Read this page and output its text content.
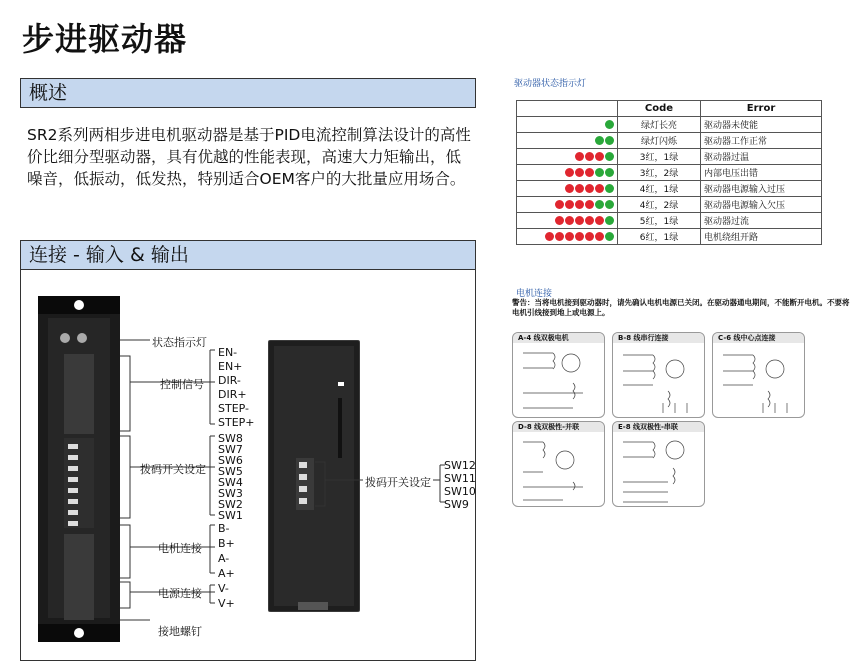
步进驱动器
概述
SR2系列两相步进电机驱动器是基于PID电流控制算法设计的高性价比细分型驱动器，具有优越的性能表现，高速大力矩输出，低噪音，低振动，低发热，特别适合OEM客户的大批量应用场合。
连接 - 输入 & 输出
状态指示灯
控制信号
拨码开关设定
电机连接
电源连接
接地螺钉
EN-
EN+
DIR-
DIR+
STEP-
STEP+
SW8
SW7
SW6
SW5
SW4
SW3
SW2
SW1
B-
B+
A-
A+
V-
V+
拨码开关设定
SW12
SW11
SW10
SW9
驱动器状态指示灯
	Code	Error
	绿灯长亮	驱动器未使能
	绿灯闪烁	驱动器工作正常
	3红，1绿	驱动器过温
	3红，2绿	内部电压出错
	4红，1绿	驱动器电源输入过压
	4红，2绿	驱动器电源输入欠压
	5红，1绿	驱动器过流
	6红，1绿	电机绕组开路
电机连接
警告：当将电机接到驱动器时，请先确认电机电源已关闭。在驱动器通电期间，不能断开电机。不要将电机引线接到地上或电源上。
A-4 线双极电机	B-8 线串行连接	C-6 线中心点连接
D-8 线双极性-并联	E-8 线双极性-串联
